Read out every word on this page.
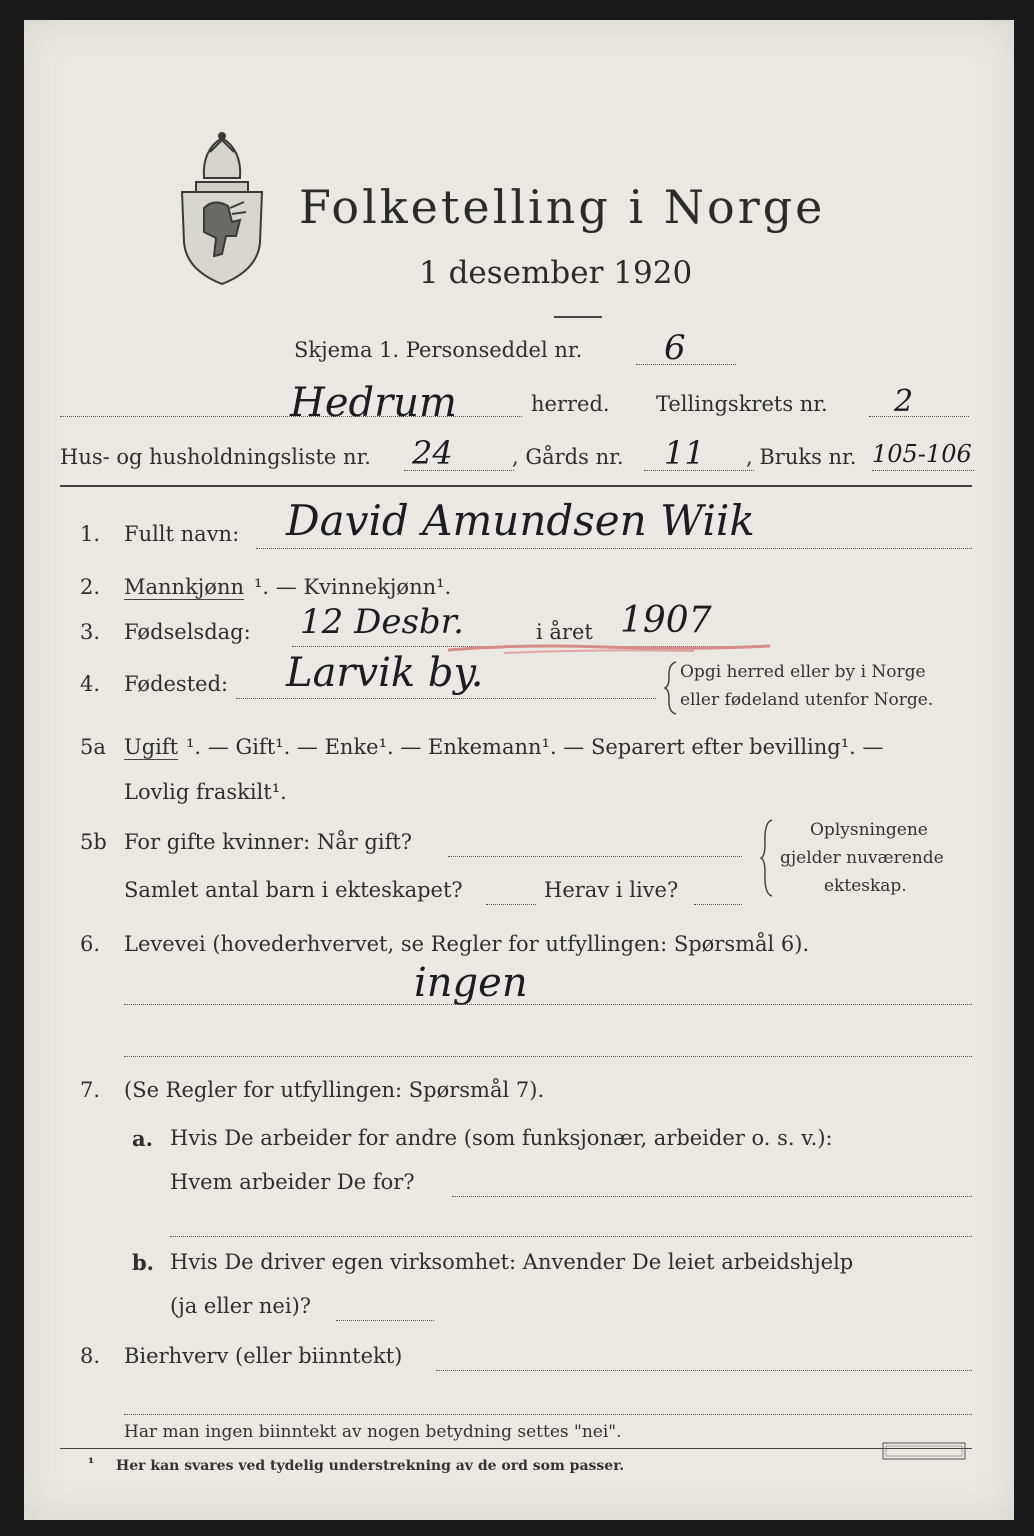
Folketelling i Norge
1 desember 1920
Skjema 1. Personseddel nr. 6
Hedrum	herred. Tellingskrets nr. 2
Hus- og husholdningsliste nr. 24	, Gårds nr. 11 , Bruks nr. 105-106
1. Fullt navn: David Amundsen Wiik
2. Mannkjønn ¹. — Kvinnekjønn¹.
3. Fødselsdag: 12 Desbr.	i året 1907
4. Fødested: Larvik by.	Opgi herred eller by i Norge
eller fødeland utenfor Norge.
5a Ugift ¹. — Gift¹. — Enke¹. — Enkemann¹. — Separert efter bevilling¹. —
Lovlig fraskilt¹.
5b For gifte kvinner: Når gift?
Samlet antal barn i ekteskapet?	Herav i live?
Oplysningene
gjelder nuværende
ekteskap.
6. Levevei (hovederhvervet, se Regler for utfyllingen: Spørsmål 6).
ingen
7. (Se Regler for utfyllingen: Spørsmål 7).
a. Hvis De arbeider for andre (som funksjonær, arbeider o. s. v.):
Hvem arbeider De for?
b. Hvis De driver egen virksomhet: Anvender De leiet arbeidshjelp
(ja eller nei)?
8. Bierhverv (eller biinntekt)
Har man ingen biinntekt av nogen betydning settes "nei".
¹ Her kan svares ved tydelig understrekning av de ord som passer.
